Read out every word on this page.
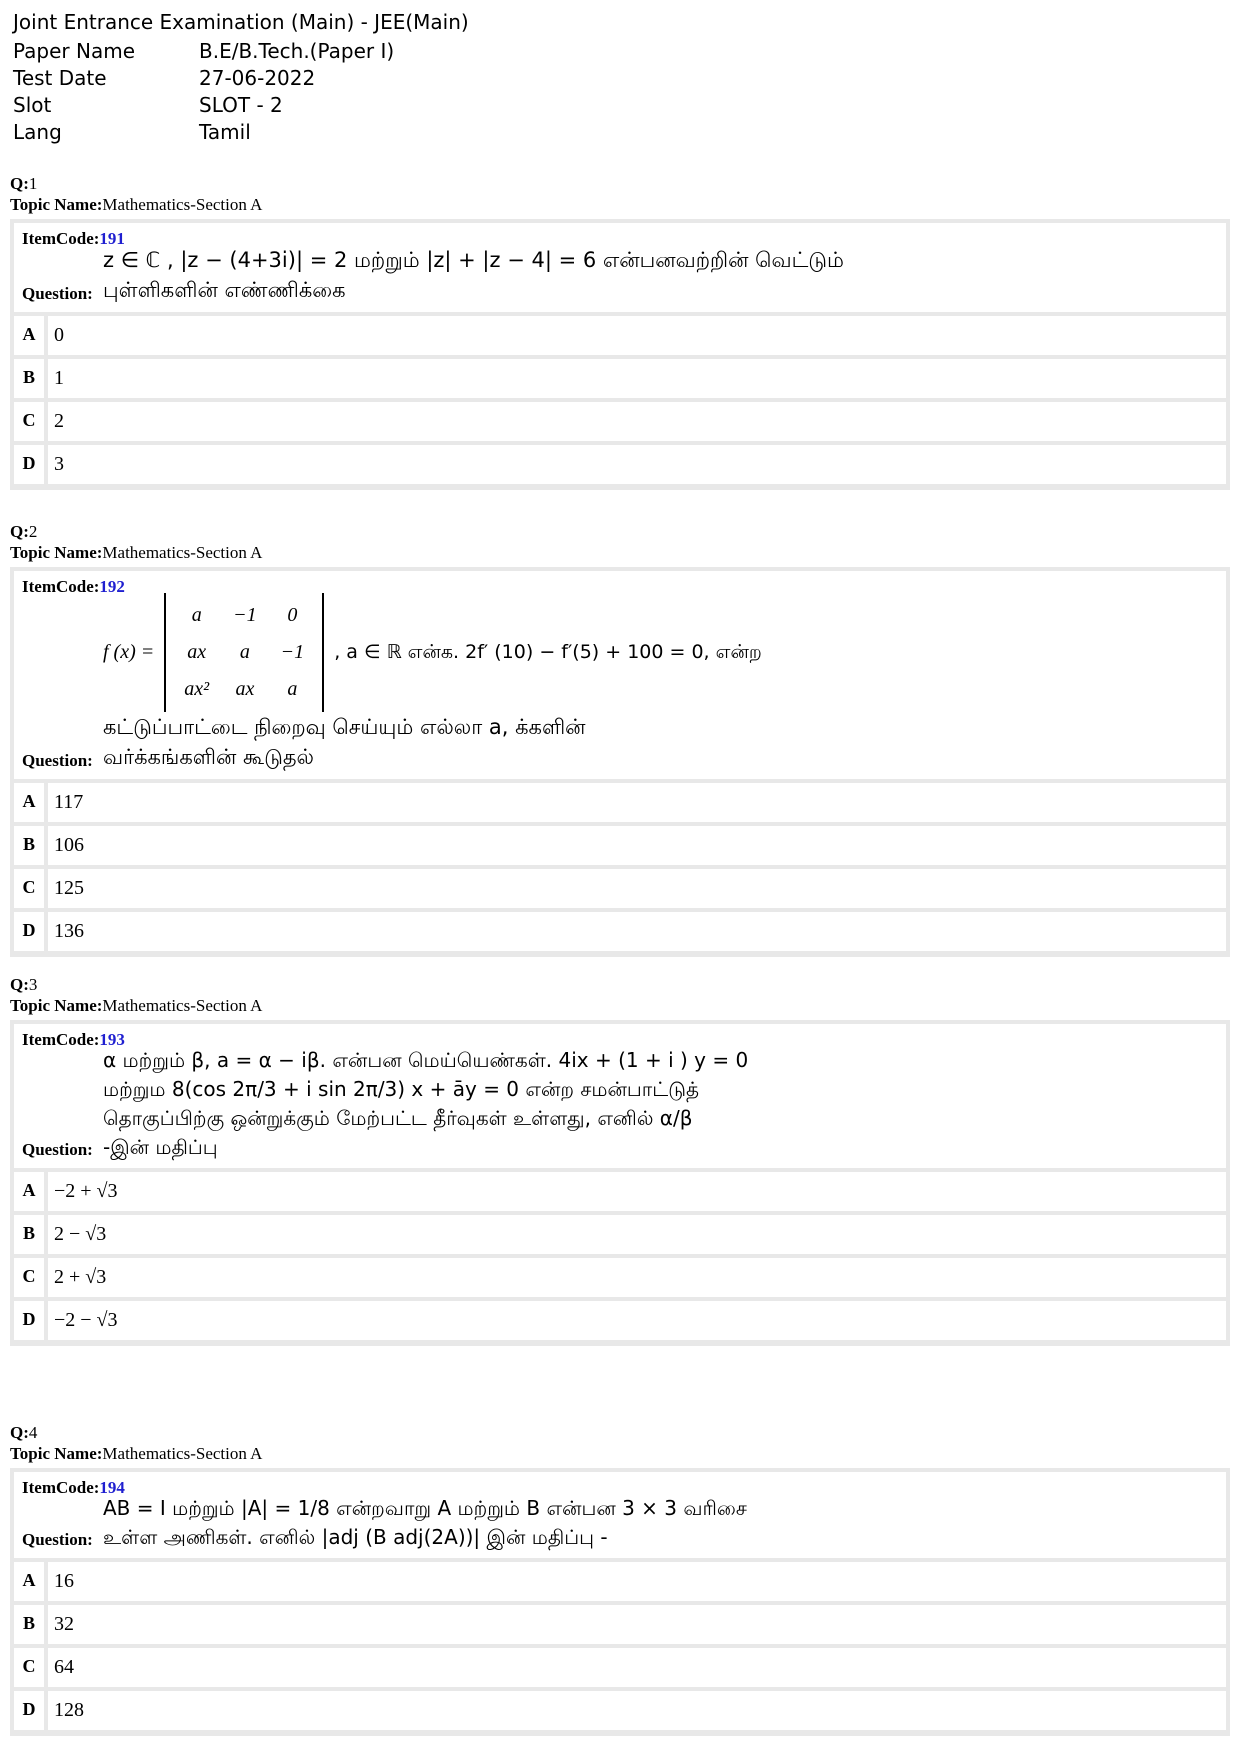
Joint Entrance Examination (Main) - JEE(Main)
Paper Name	B.E/B.Tech.(Paper I)
Test Date	27-06-2022
Slot	SLOT - 2
Lang	Tamil
Q:1
Topic Name:Mathematics-Section A
ItemCode:191
Question:
z ∈ ℂ , |z − (4+3i)| = 2 மற்றும் |z| + |z − 4| = 6 என்பனவற்றின் வெட்டும்
புள்ளிகளின் எண்ணிக்கை
A 0
B 1
C 2
D 3
Q:2
Topic Name:Mathematics-Section A
ItemCode:192
Question:
f (x) =
a	−1	0
ax	a	−1
ax²	ax	a
, a ∈ ℝ என்க. 2f′ (10) − f′(5) + 100 = 0, என்ற
கட்டுப்பாட்டை நிறைவு செய்யும் எல்லா a, க்களின்
வர்க்கங்களின் கூடுதல்
A 117
B 106
C 125
D 136
Q:3
Topic Name:Mathematics-Section A
ItemCode:193
Question:
α மற்றும் β, a = α − iβ. என்பன மெய்யெண்கள். 4ix + (1 + i ) y = 0
மற்றும 8(cos 2π/3 + i sin 2π/3) x + āy = 0 என்ற சமன்பாட்டுத்
தொகுப்பிற்கு ஒன்றுக்கும் மேற்பட்ட தீர்வுகள் உள்ளது, எனில் α/β
-இன் மதிப்பு
A −2 + √3
B 2 − √3
C 2 + √3
D −2 − √3
Q:4
Topic Name:Mathematics-Section A
ItemCode:194
Question:
AB = I மற்றும் |A| = 1/8 என்றவாறு A மற்றும் B என்பன 3 × 3 வரிசை
உள்ள அணிகள். எனில் |adj (B adj(2A))| இன் மதிப்பு -
A 16
B 32
C 64
D 128
